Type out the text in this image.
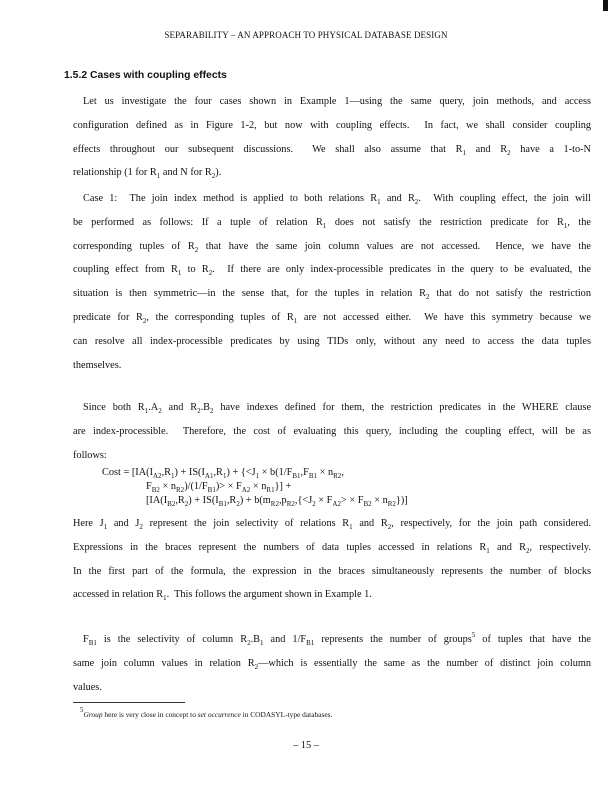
SEPARABILITY – AN APPROACH TO PHYSICAL DATABASE DESIGN
1.5.2 Cases with coupling effects
Let us investigate the four cases shown in Example 1—using the same query, join methods, and access
configuration defined as in Figure 1-2, but now with coupling effects.  In fact, we shall consider coupling
effects throughout our subsequent discussions.  We shall also assume that $R_1$ and $R_2$ have a 1-to-N
relationship (1 for $R_1$ and N for $R_2$).
Case 1:  The join index method is applied to both relations $R_1$ and $R_2$.  With coupling effect, the join will
be performed as follows: If a tuple of relation $R_1$ does not satisfy the restriction predicate for $R_1$, the
corresponding tuples of $R_2$ that have the same join column values are not accessed.  Hence, we have the
coupling effect from $R_1$ to $R_2$.  If there are only index-processible predicates in the query to be evaluated, the
situation is then symmetric—in the sense that, for the tuples in relation $R_2$ that do not satisfy the restriction
predicate for $R_2$, the corresponding tuples of $R_1$ are not accessed either.  We have this symmetry because we
can resolve all index-processible predicates by using TIDs only, without any need to access the data tuples
themselves.
Since both $R_1.A_2$ and $R_2.B_2$ have indexes defined for them, the restriction predicates in the WHERE clause
are index-processible.  Therefore, the cost of evaluating this query, including the coupling effect, will be as
follows:
Cost = [$IA(I_{A2},R_1) + IS(I_{A1},R_1) + \{<J_1 \times b(1/F_{B1},F_{B1} \times n_{R2}$,
$F_{B2} \times n_{R2})/(1/F_{B1})> \times F_{A2} \times n_{R1}$}] +
$[IA(I_{B2},R_2) + IS(I_{B1},R_2) + b(m_{R2},p_{R2},\{<J_2 \times F_{A2}> \times F_{B2} \times n_{R2}\})]$
Here $J_1$ and $J_2$ represent the join selectivity of relations $R_1$ and $R_2$, respectively, for the join path considered.
Expressions in the braces represent the numbers of data tuples accessed in relations $R_1$ and $R_2$, respectively.
In the first part of the formula, the expression in the braces simultaneously represents the number of blocks
accessed in relation $R_1$.  This follows the argument shown in Example 1.
$F_{B1}$ is the selectivity of column $R_2.B_1$ and $1/F_{B1}$ represents the number of groups$^5$ of tuples that have the
same join column values in relation $R_2—which$ is essentially the same as the number of distinct join column
values.
$^5$Group here is very close in concept to set occurrence in CODASYL-type databases.
– 15 –
